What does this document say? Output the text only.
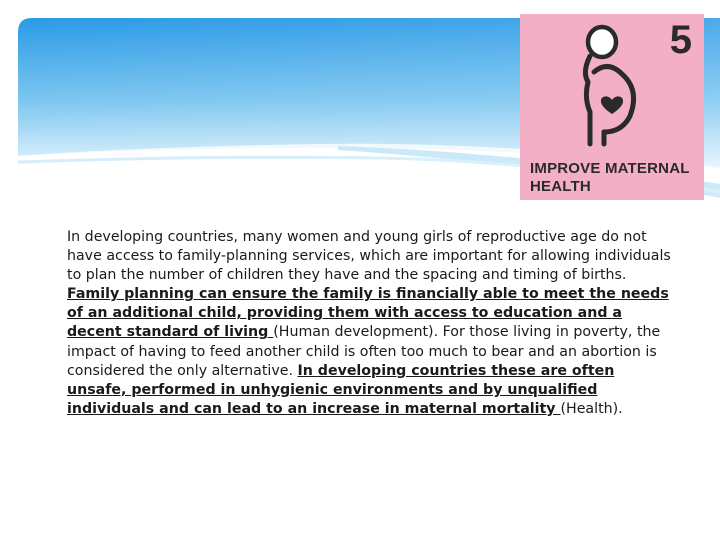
5
IMPROVE MATERNAL
HEALTH

In developing countries, many women and young girls of reproductive age do not have access to family-planning services, which are important for allowing individuals to plan the number of children they have and the spacing and timing of births. Family planning can ensure the family is financially able to meet the needs of an additional child, providing them with access to education and a decent standard of living (Human development). For those living in poverty, the impact of having to feed another child is often too much to bear and an abortion is considered the only alternative. In developing countries these are often unsafe, performed in unhygienic environments and by unqualified individuals and can lead to an increase in maternal mortality (Health).
